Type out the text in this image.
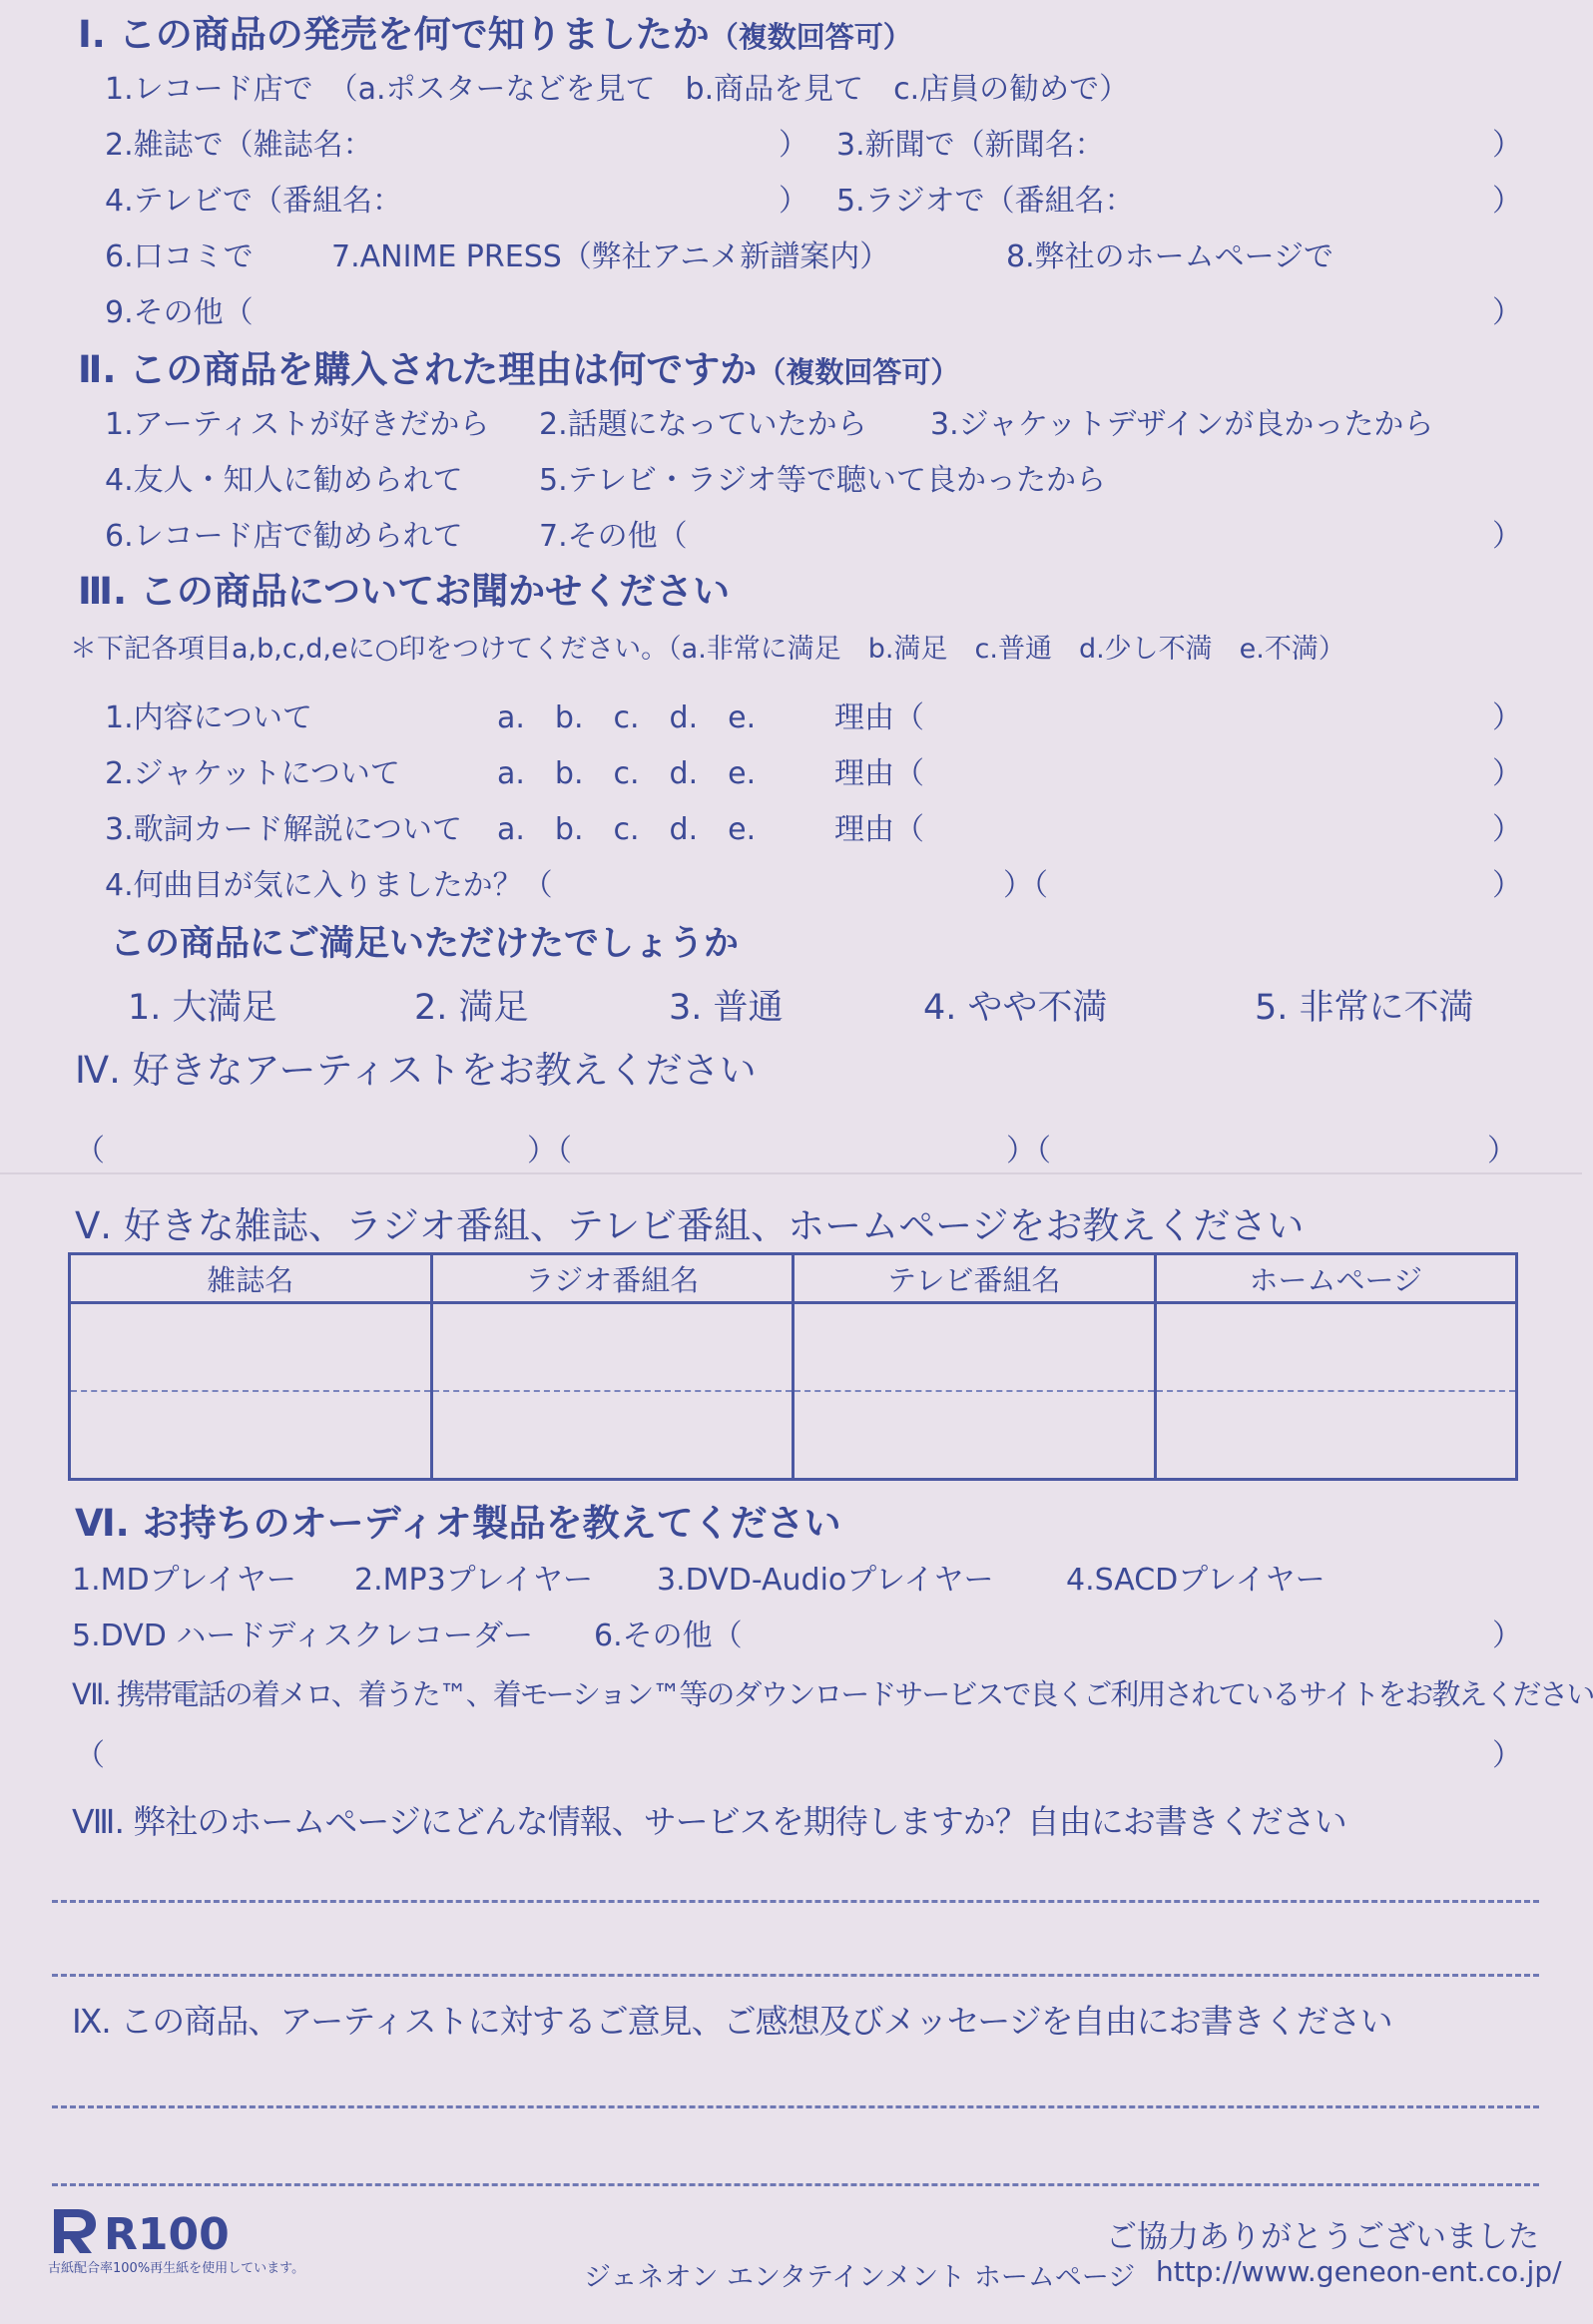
Ⅰ. この商品の発売を何で知りましたか（複数回答可）
1.レコード店で　（a.ポスターなどを見て　b.商品を見て　c.店員の勧めで）
2.雑誌で（雑誌名：	） 3.新聞で（新聞名：	）
4.テレビで（番組名：	） 5.ラジオで（番組名：	）
6.口コミで	7.ANIME PRESS（弊社アニメ新譜案内）	8.弊社のホームページで
9.その他（	）
Ⅱ. この商品を購入された理由は何ですか（複数回答可）
1.アーティストが好きだから 2.話題になっていたから 3.ジャケットデザインが良かったから
4.友人・知人に勧められて	5.テレビ・ラジオ等で聴いて良かったから
6.レコード店で勧められて	7.その他（	）
Ⅲ. この商品についてお聞かせください
＊下記各項目a,b,c,d,eに○印をつけてください。（a.非常に満足　b.満足　c.普通　d.少し不満　e.不満）
1.内容について	a.　b.　c.　d.　e.	理由（	）
2.ジャケットについて	a.　b.　c.　d.　e.	理由（	）
3.歌詞カード解説について a.　b.　c.　d.　e.	理由（	）
4.何曲目が気に入りましたか？（	）（	）
この商品にご満足いただけたでしょうか
1. 大満足	2. 満足	3. 普通	4. やや不満	5. 非常に不満
Ⅳ. 好きなアーティストをお教えください
（	）（	）（	）
Ⅴ. 好きな雑誌、ラジオ番組、テレビ番組、ホームページをお教えください
雑誌名	ラジオ番組名	テレビ番組名	ホームページ

Ⅵ. お持ちのオーディオ製品を教えてください
1.MDプレイヤー 2.MP3プレイヤー 3.DVD-Audioプレイヤー 4.SACDプレイヤー
5.DVD ハードディスクレコーダー 6.その他（	）
Ⅶ. 携帯電話の着メロ、着うた™、着モーション™等のダウンロードサービスで良くご利用されているサイトをお教えください
（	）
Ⅷ. 弊社のホームページにどんな情報、サービスを期待しますか？自由にお書きください
Ⅸ. この商品、アーティストに対するご意見、ご感想及びメッセージを自由にお書きください
R100
古紙配合率100%再生紙を使用しています。
ご協力ありがとうございました
ジェネオン エンタテインメント ホームページ http://www.geneon-ent.co.jp/
